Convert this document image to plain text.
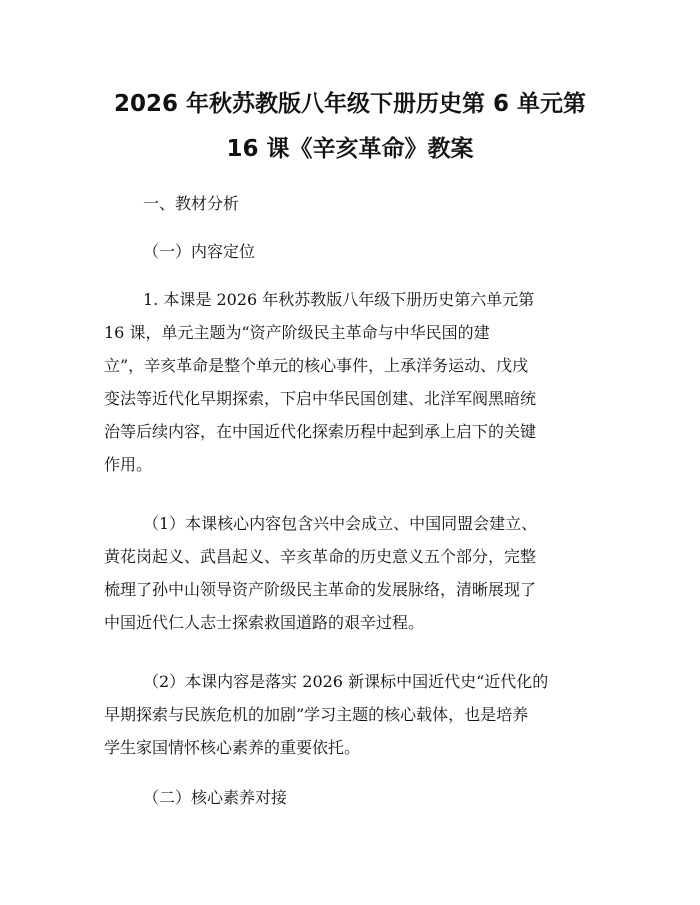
2026 年秋苏教版八年级下册历史第 6 单元第
16 课《辛亥革命》教案

一、教材分析

（一）内容定位

1. 本课是 2026 年秋苏教版八年级下册历史第六单元第

16 课，单元主题为“资产阶级民主革命与中华民国的建

立”，辛亥革命是整个单元的核心事件，上承洋务运动、戊戌

变法等近代化早期探索，下启中华民国创建、北洋军阀黑暗统

治等后续内容，在中国近代化探索历程中起到承上启下的关键

作用。

（1）本课核心内容包含兴中会成立、中国同盟会建立、

黄花岗起义、武昌起义、辛亥革命的历史意义五个部分，完整

梳理了孙中山领导资产阶级民主革命的发展脉络，清晰展现了

中国近代仁人志士探索救国道路的艰辛过程。

（2）本课内容是落实 2026 新课标中国近代史“近代化的

早期探索与民族危机的加剧”学习主题的核心载体，也是培养

学生家国情怀核心素养的重要依托。

（二）核心素养对接
